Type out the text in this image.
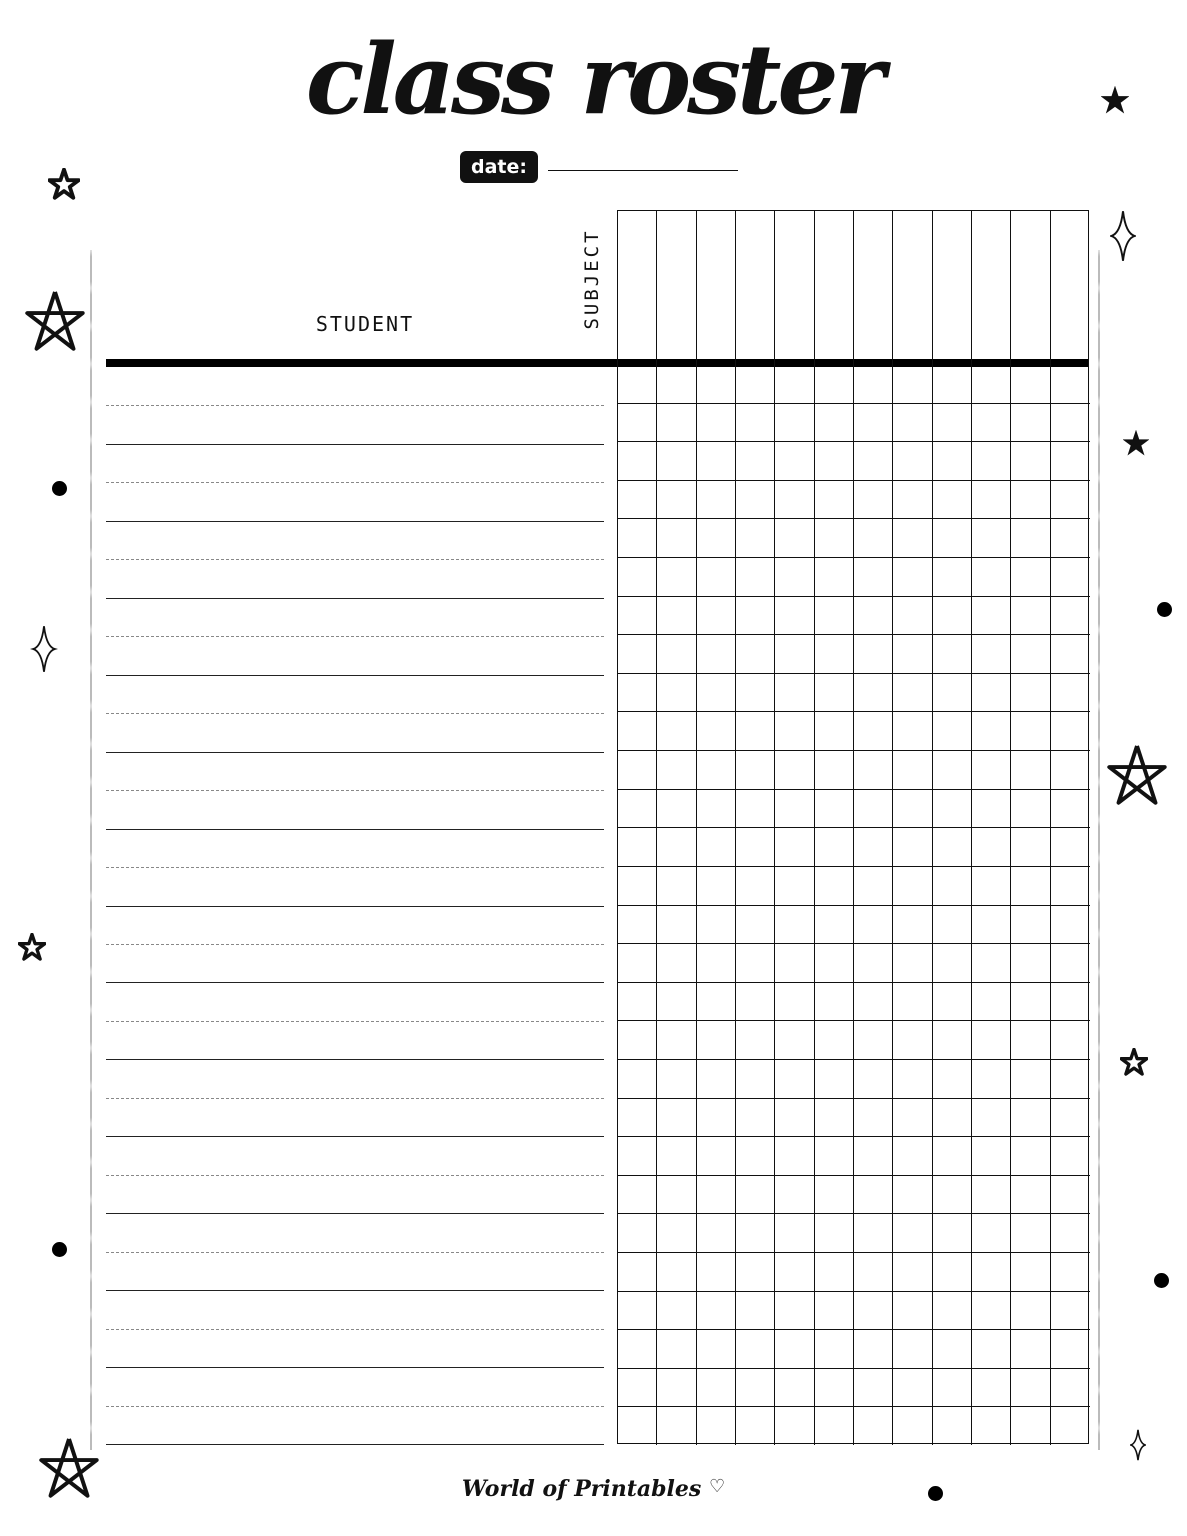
class roster
date:
STUDENT	SUBJECT
World of Printables ♡
